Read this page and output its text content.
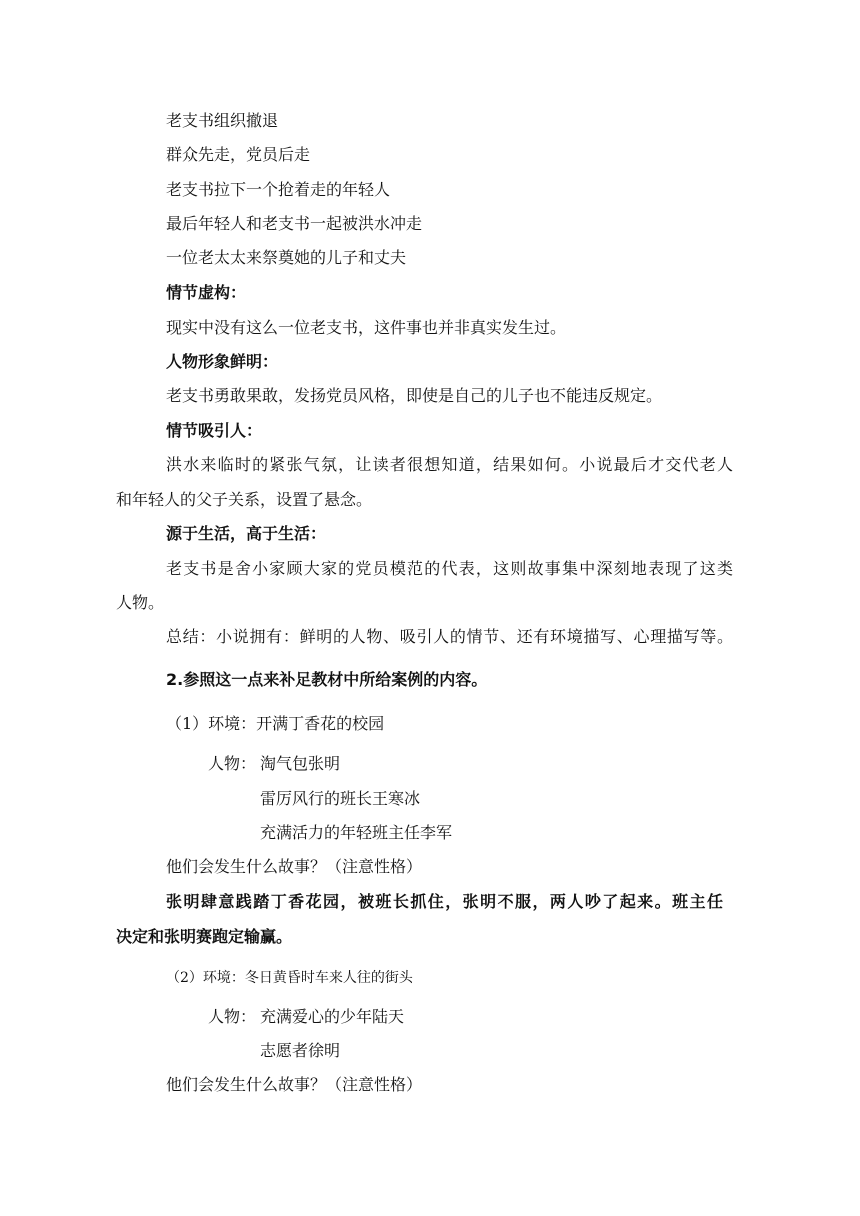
老支书组织撤退
群众先走，党员后走
老支书拉下一个抢着走的年轻人
最后年轻人和老支书一起被洪水冲走
一位老太太来祭奠她的儿子和丈夫
情节虚构：
现实中没有这么一位老支书，这件事也并非真实发生过。
人物形象鲜明：
老支书勇敢果敢，发扬党员风格，即使是自己的儿子也不能违反规定。
情节吸引人：
洪水来临时的紧张气氛，让读者很想知道，结果如何。小说最后才交代老人
和年轻人的父子关系，设置了悬念。
源于生活，高于生活：
老支书是舍小家顾大家的党员模范的代表，这则故事集中深刻地表现了这类
人物。
总结：小说拥有：鲜明的人物、吸引人的情节、还有环境描写、心理描写等。
2.参照这一点来补足教材中所给案例的内容。
（1）环境：开满丁香花的校园
人物： 淘气包张明
雷厉风行的班长王寒冰
充满活力的年轻班主任李军
他们会发生什么故事？（注意性格）
张明肆意践踏丁香花园，被班长抓住，张明不服，两人吵了起来。班主任
决定和张明赛跑定输赢。
（2）环境：冬日黄昏时车来人往的街头
人物： 充满爱心的少年陆天
志愿者徐明
他们会发生什么故事？（注意性格）
